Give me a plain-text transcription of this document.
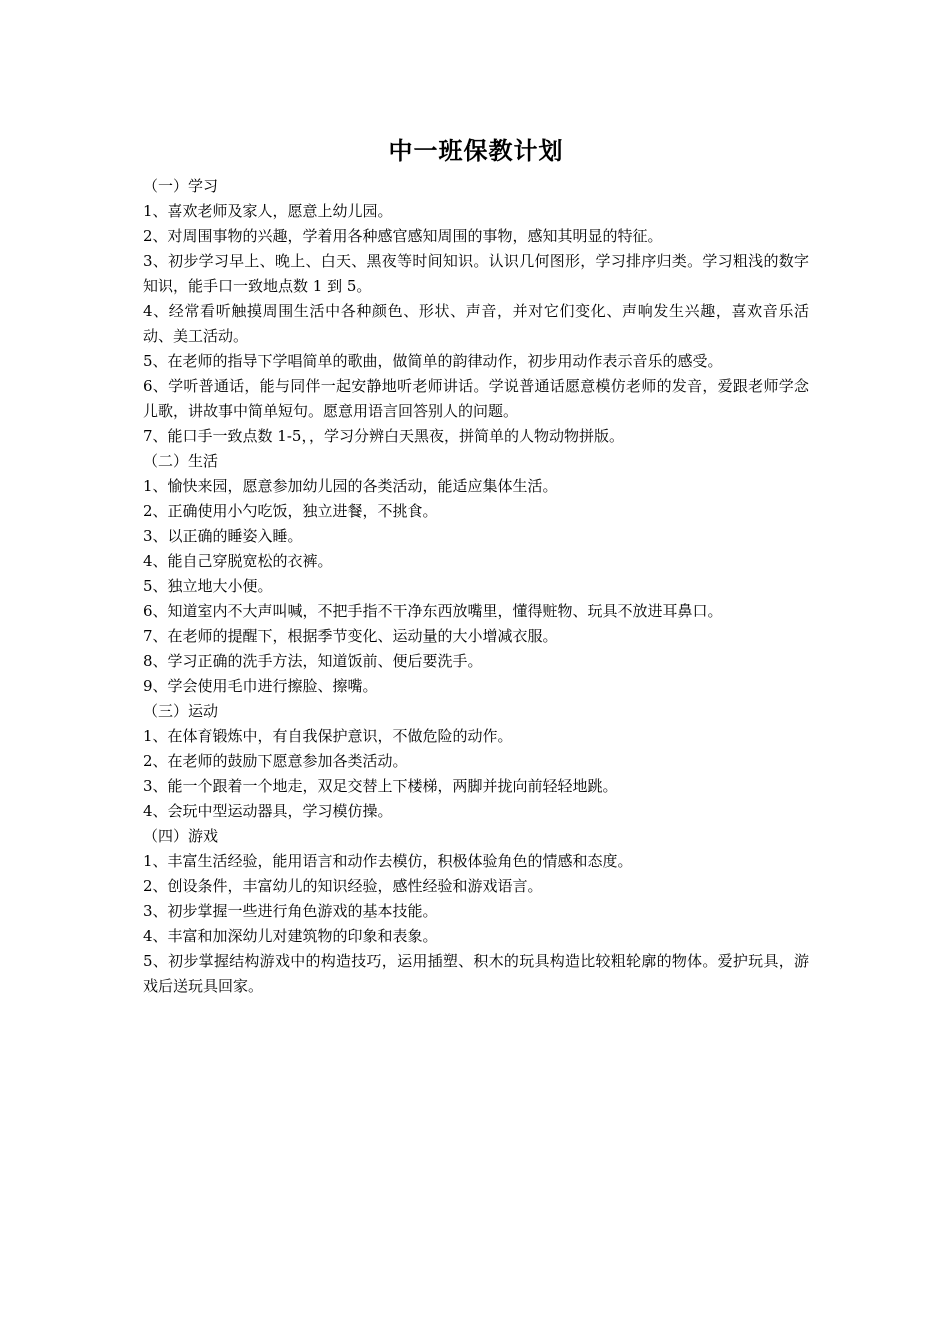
中一班保教计划

（一）学习

1、喜欢老师及家人，愿意上幼儿园。

2、对周围事物的兴趣，学着用各种感官感知周围的事物，感知其明显的特征。

3、初步学习早上、晚上、白天、黑夜等时间知识。认识几何图形，学习排序归类。学习粗浅的数字知识，能手口一致地点数 1 到 5。

4、经常看听触摸周围生活中各种颜色、形状、声音，并对它们变化、声响发生兴趣，喜欢音乐活动、美工活动。

5、在老师的指导下学唱简单的歌曲，做简单的韵律动作，初步用动作表示音乐的感受。

6、学听普通话，能与同伴一起安静地听老师讲话。学说普通话愿意模仿老师的发音，爱跟老师学念儿歌，讲故事中简单短句。愿意用语言回答别人的问题。

7、能口手一致点数 1-5，，学习分辨白天黑夜，拼简单的人物动物拼版。

（二）生活

1、愉快来园，愿意参加幼儿园的各类活动，能适应集体生活。

2、正确使用小勺吃饭，独立进餐，不挑食。

3、以正确的睡姿入睡。

4、能自己穿脱宽松的衣裤。

5、独立地大小便。

6、知道室内不大声叫喊，不把手指不干净东西放嘴里，懂得赃物、玩具不放进耳鼻口。

7、在老师的提醒下，根据季节变化、运动量的大小增减衣服。

8、学习正确的洗手方法，知道饭前、便后要洗手。

9、学会使用毛巾进行擦脸、擦嘴。

（三）运动

1、在体育锻炼中，有自我保护意识，不做危险的动作。

2、在老师的鼓励下愿意参加各类活动。

3、能一个跟着一个地走，双足交替上下楼梯，两脚并拢向前轻轻地跳。

4、会玩中型运动器具，学习模仿操。

（四）游戏

1、丰富生活经验，能用语言和动作去模仿，积极体验角色的情感和态度。

2、创设条件，丰富幼儿的知识经验，感性经验和游戏语言。

3、初步掌握一些进行角色游戏的基本技能。

4、丰富和加深幼儿对建筑物的印象和表象。

5、初步掌握结构游戏中的构造技巧，运用插塑、积木的玩具构造比较粗轮廓的物体。爱护玩具，游戏后送玩具回家。
